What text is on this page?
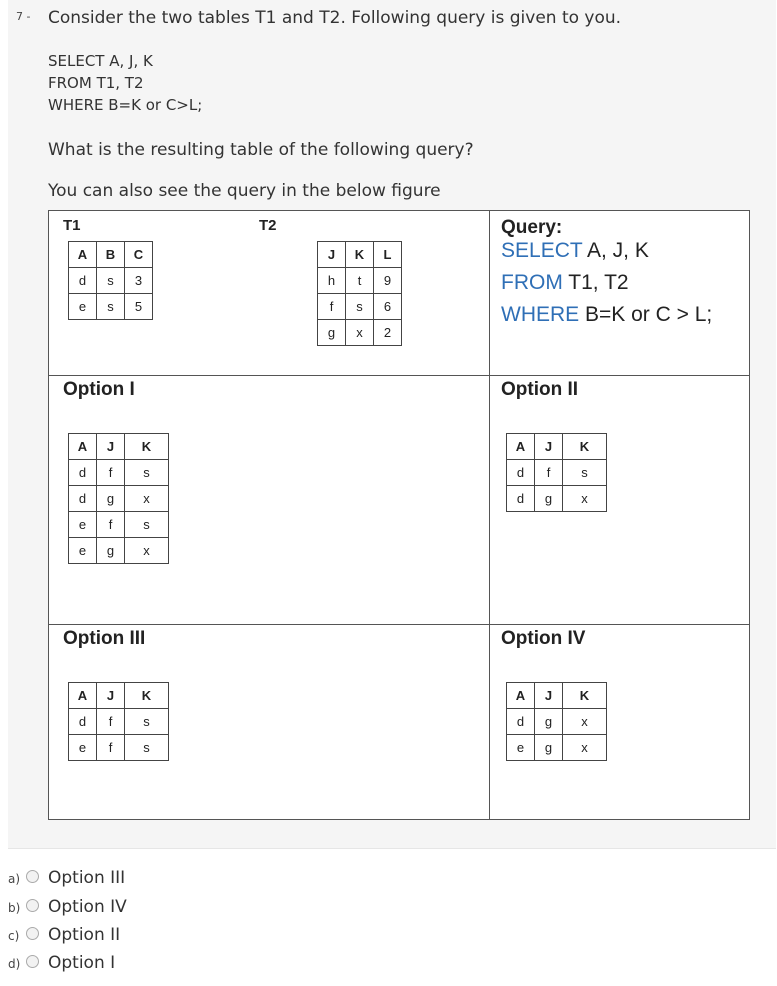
7 - Consider the two tables T1 and T2. Following query is given to you.
SELECT A, J, K
FROM T1, T2
WHERE B=K or C>L;
What is the resulting table of the following query?
You can also see the query in the below figure
T1	T2
A	B	C
d	s	3
e	s	5
J	K	L
h	t	9
f	s	6
g	x	2
Query:
SELECT A, J, K
FROM T1, T2
WHERE B=K or C > L;
Option I
A	J	K
d	f	s
d	g	x
e	f	s
e	g	x
Option II
A	J	K
d	f	s
d	g	x
Option III
A	J	K
d	f	s
e	f	s
Option IV
A	J	K
d	g	x
e	g	x
a) Option III
b) Option IV
c) Option II
d) Option I
